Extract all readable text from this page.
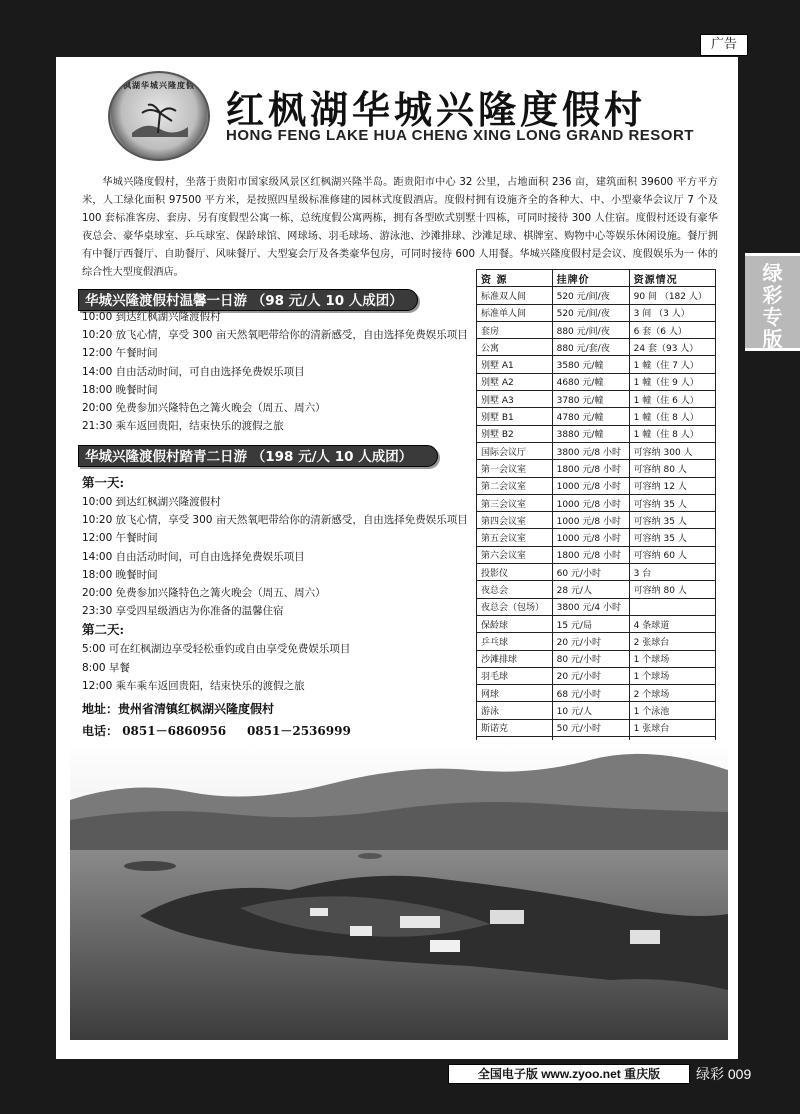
广告
绿
彩
专
版
红枫湖华城兴隆度假村
红枫湖华城兴隆度假村
HONG FENG LAKE HUA CHENG XING LONG GRAND RESORT

华城兴隆度假村，坐落于贵阳市国家级风景区红枫湖兴隆半岛。距贵阳市中心 32 公里，占地面积 236 亩，建筑面积 39600 平方平方米，人工绿化面积 97500 平方米，是按照四星级标准修建的园林式度假酒店。度假村拥有设施齐全的各种大、中、小型豪华会议厅 7 个及 100 套标准客房、套房、另有度假型公寓一栋，总统度假公寓两栋，拥有各型欧式别墅十四栋，可同时接待 300 人住宿。度假村还设有豪华夜总会、豪华桌球室、乒乓球室、保龄球馆、网球场、羽毛球场、游泳池、沙滩排球、沙滩足球、棋牌室、购物中心等娱乐休闲设施。餐厅拥有中餐厅西餐厅、自助餐厅、风味餐厅、大型宴会厅及各类豪华包房，可同时接待 600 人用餐。华城兴隆度假村是会议、度假娱乐为一 体的综合性大型度假酒店。

华城兴隆渡假村温馨一日游 （98 元/人 10 人成团）
10:00 到达红枫湖兴隆渡假村
10:20 放飞心情，享受 300 亩天然氧吧带给你的清新感受，自由选择免费娱乐项目
12:00 午餐时间
14:00 自由活动时间，可自由选择免费娱乐项目
18:00 晚餐时间
20:00 免费参加兴隆特色之篝火晚会（周五、周六）
21:30 乘车返回贵阳，结束快乐的渡假之旅
华城兴隆渡假村踏青二日游 （198 元/人 10 人成团）
第一天:
10:00 到达红枫湖兴隆渡假村
10:20 放飞心情，享受 300 亩天然氧吧带给你的清新感受，自由选择免费娱乐项目
12:00 午餐时间
14:00 自由活动时间，可自由选择免费娱乐项目
18:00 晚餐时间
20:00 免费参加兴隆特色之篝火晚会（周五、周六）
23:30 享受四星级酒店为你准备的温馨住宿
第二天:
5:00 可在红枫湖边享受轻松垂钓或自由享受免费娱乐项目
8:00 早餐
12:00 乘车乘车返回贵阳，结束快乐的渡假之旅
地址：贵州省清镇红枫湖兴隆度假村
电话： 0851－6860956 0851－2536999
资 源	挂牌价	资源情况
标准双人间	520 元/间/夜	90 间 （182 人）
标准单人间	520 元/间/夜	3 间 （3 人）
套房	880 元/间/夜	6 套（6 人）
公寓	880 元/套/夜	24 套（93 人）
别墅 A1	3580 元/幢	1 幢（住 7 人）
别墅 A2	4680 元/幢	1 幢（住 9 人）
别墅 A3	3780 元/幢	1 幢（住 6 人）
别墅 B1	4780 元/幢	1 幢（住 8 人）
别墅 B2	3880 元/幢	1 幢（住 8 人）
国际会议厅	3800 元/8 小时	可容纳 300 人
第一会议室	1800 元/8 小时	可容纳 80 人
第二会议室	1000 元/8 小时	可容纳 12 人
第三会议室	1000 元/8 小时	可容纳 35 人
第四会议室	1000 元/8 小时	可容纳 35 人
第五会议室	1000 元/8 小时	可容纳 35 人
第六会议室	1800 元/8 小时	可容纳 60 人
投影仪	60 元/小时	3 台
夜总会	28 元/人	可容纳 80 人
夜总会（包场）	3800 元/4 小时	
保龄球	15 元/局	4 条球道
乒乓球	20 元/小时	2 张球台
沙滩排球	80 元/小时	1 个球场
羽毛球	20 元/小时	1 个球场
网球	68 元/小时	2 个球场
游泳	10 元/人	1 个泳池
斯诺克	50 元/小时	1 张球台

全国电子版 www.zyoo.net 重庆版	绿彩 009
